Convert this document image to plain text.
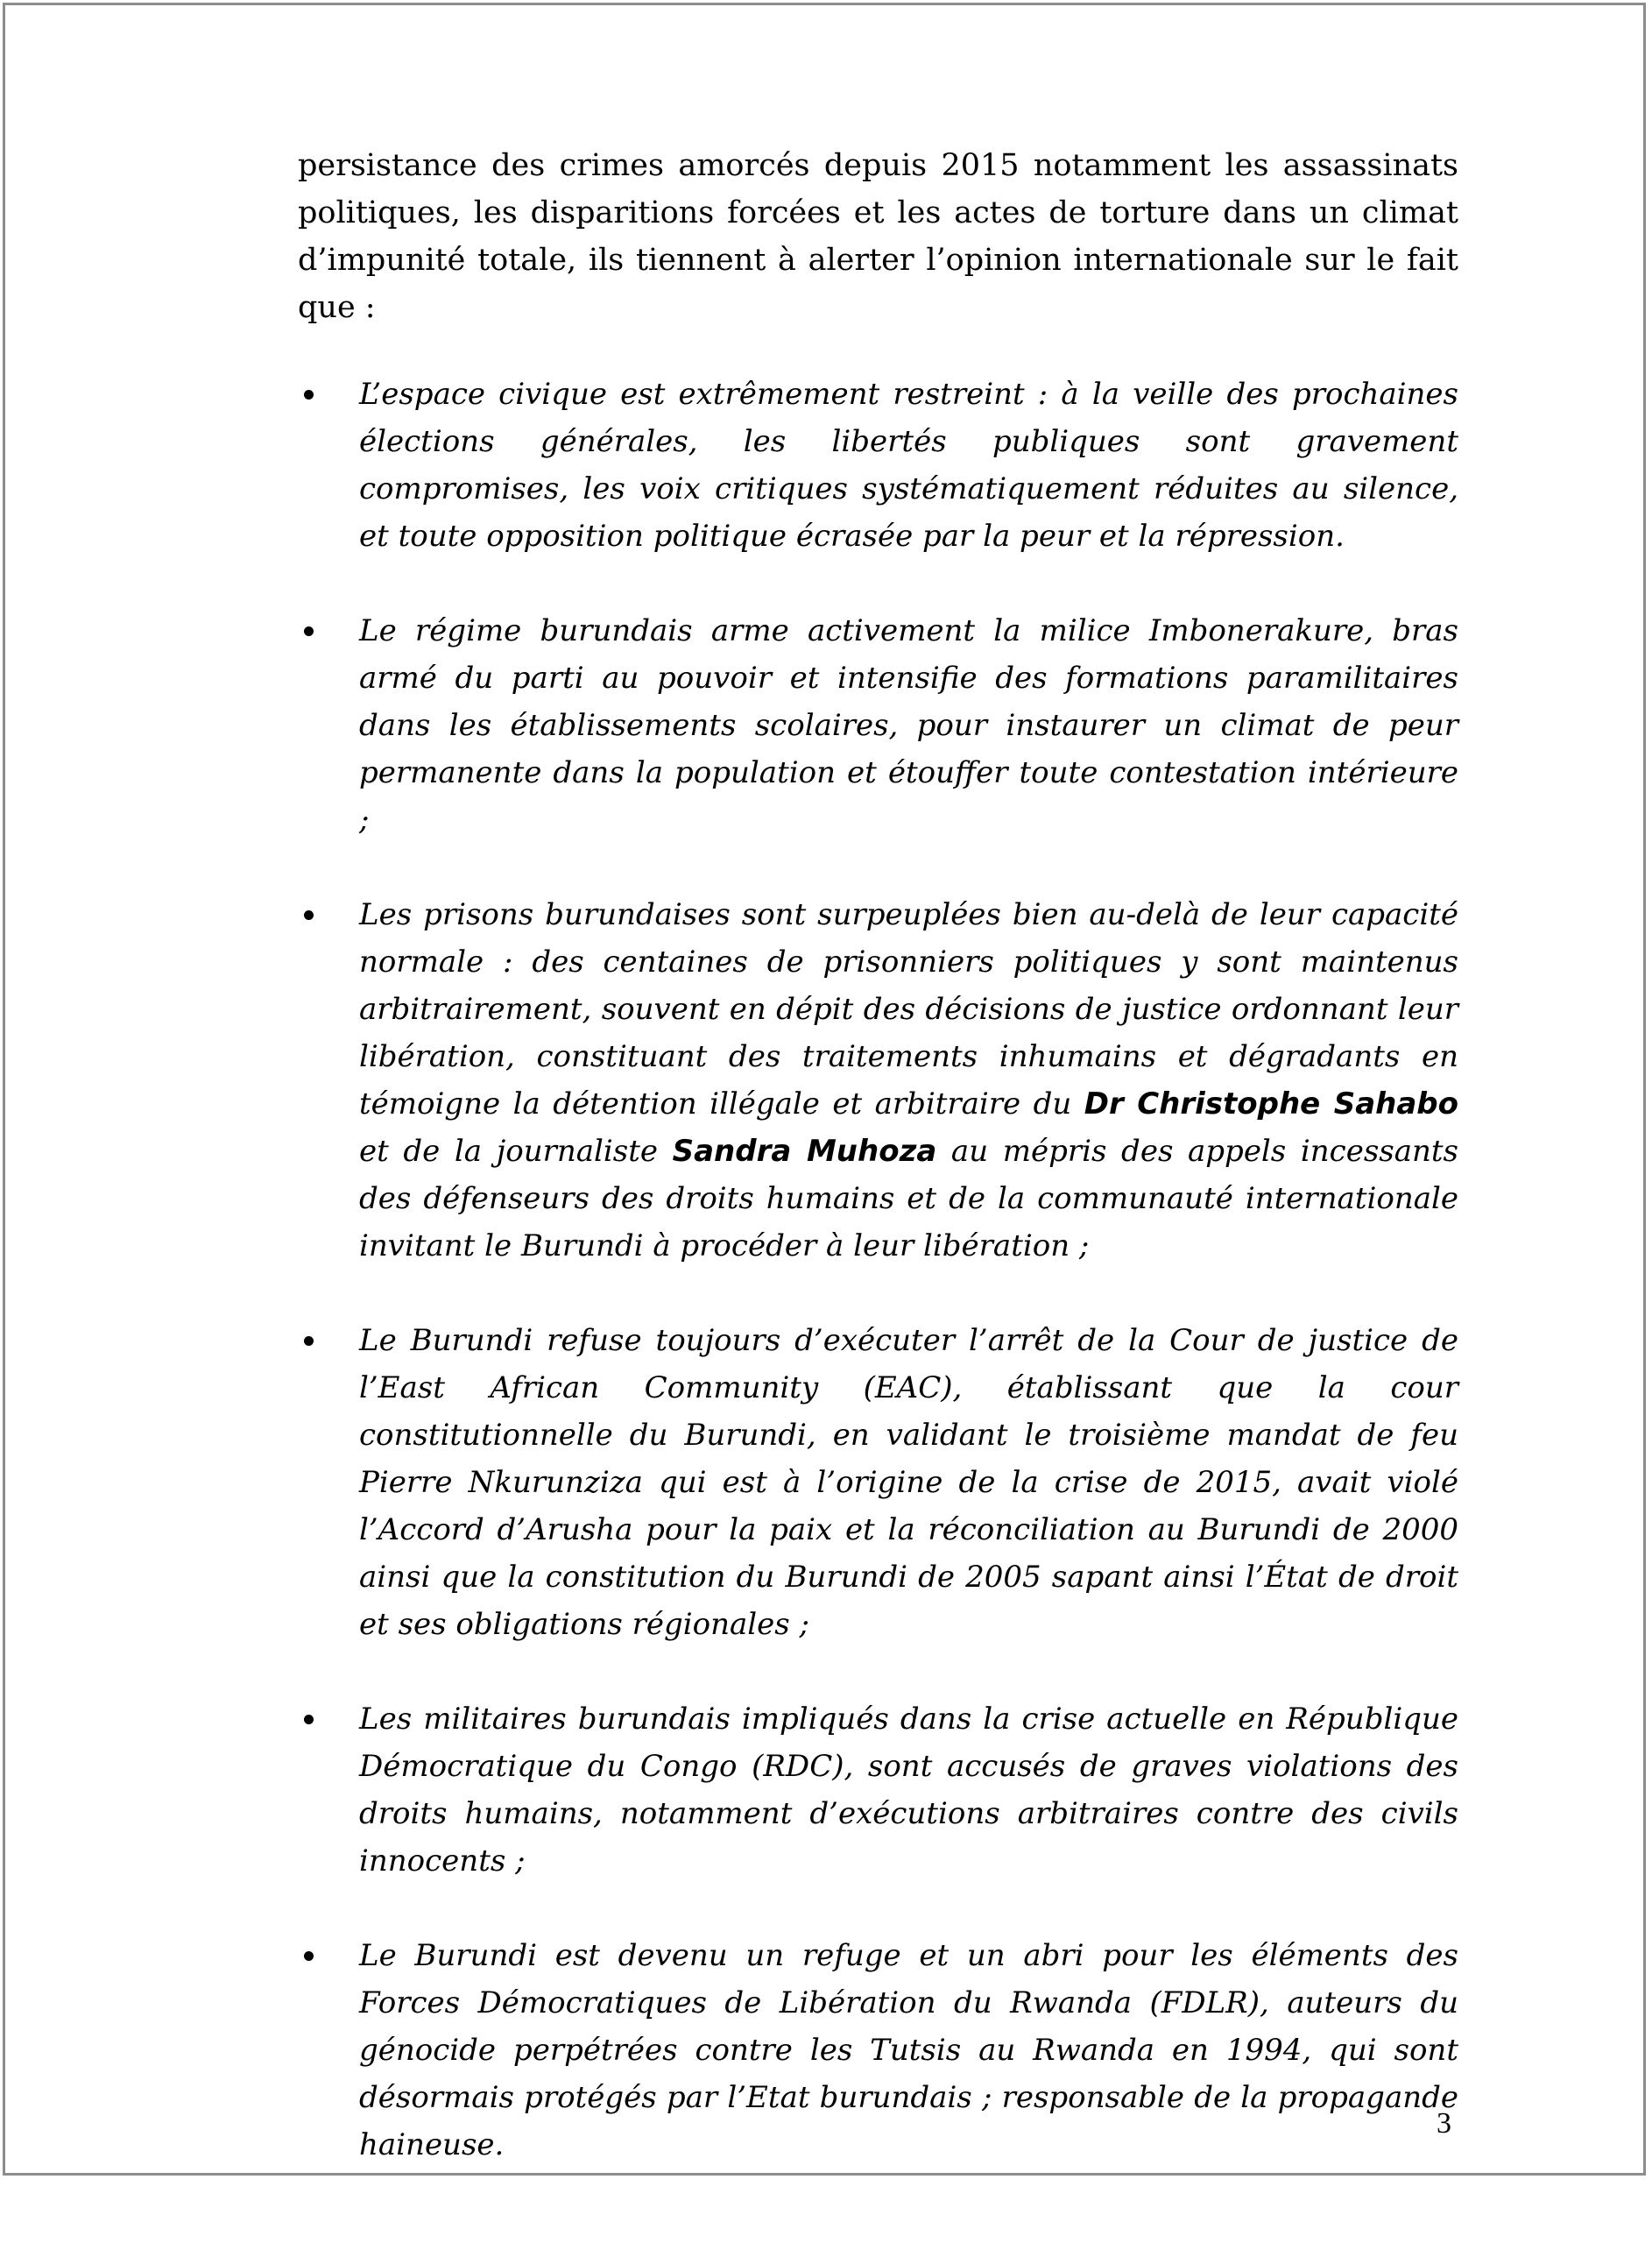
persistance des crimes amorcés depuis 2015 notamment les assassinats politiques, les disparitions forcées et les actes de torture dans un climat d’impunité totale, ils tiennent à alerter l’opinion internationale sur le fait que :

L’espace civique est extrêmement restreint : à la veille des prochaines élections générales, les libertés publiques sont gravement compromises, les voix critiques systématiquement réduites au silence, et toute opposition politique écrasée par la peur et la répression.

Le régime burundais arme activement la milice Imbonerakure, bras armé du parti au pouvoir et intensifie des formations paramilitaires dans les établissements scolaires, pour instaurer un climat de peur permanente dans la population et étouffer toute contestation intérieure ;

Les prisons burundaises sont surpeuplées bien au-delà de leur capacité normale : des centaines de prisonniers politiques y sont maintenus arbitrairement, souvent en dépit des décisions de justice ordonnant leur libération, constituant des traitements inhumains et dégradants en témoigne la détention illégale et arbitraire du Dr Christophe Sahabo et de la journaliste Sandra Muhoza au mépris des appels incessants des défenseurs des droits humains et de la communauté internationale invitant le Burundi à procéder à leur libération ;

Le Burundi refuse toujours d’exécuter l’arrêt de la Cour de justice de l’East African Community (EAC), établissant que la cour constitutionnelle du Burundi, en validant le troisième mandat de feu Pierre Nkurunziza qui est à l’origine de la crise de 2015, avait violé l’Accord d’Arusha pour la paix et la réconciliation au Burundi de 2000 ainsi que la constitution du Burundi de 2005 sapant ainsi l’État de droit et ses obligations régionales ;

Les militaires burundais impliqués dans la crise actuelle en République Démocratique du Congo (RDC), sont accusés de graves violations des droits humains, notamment d’exécutions arbitraires contre des civils innocents ;

Le Burundi est devenu un refuge et un abri pour les éléments des Forces Démocratiques de Libération du Rwanda (FDLR), auteurs du génocide perpétrées contre les Tutsis au Rwanda en 1994, qui sont désormais protégés par l’Etat burundais ; responsable de la propagande haineuse.

3
